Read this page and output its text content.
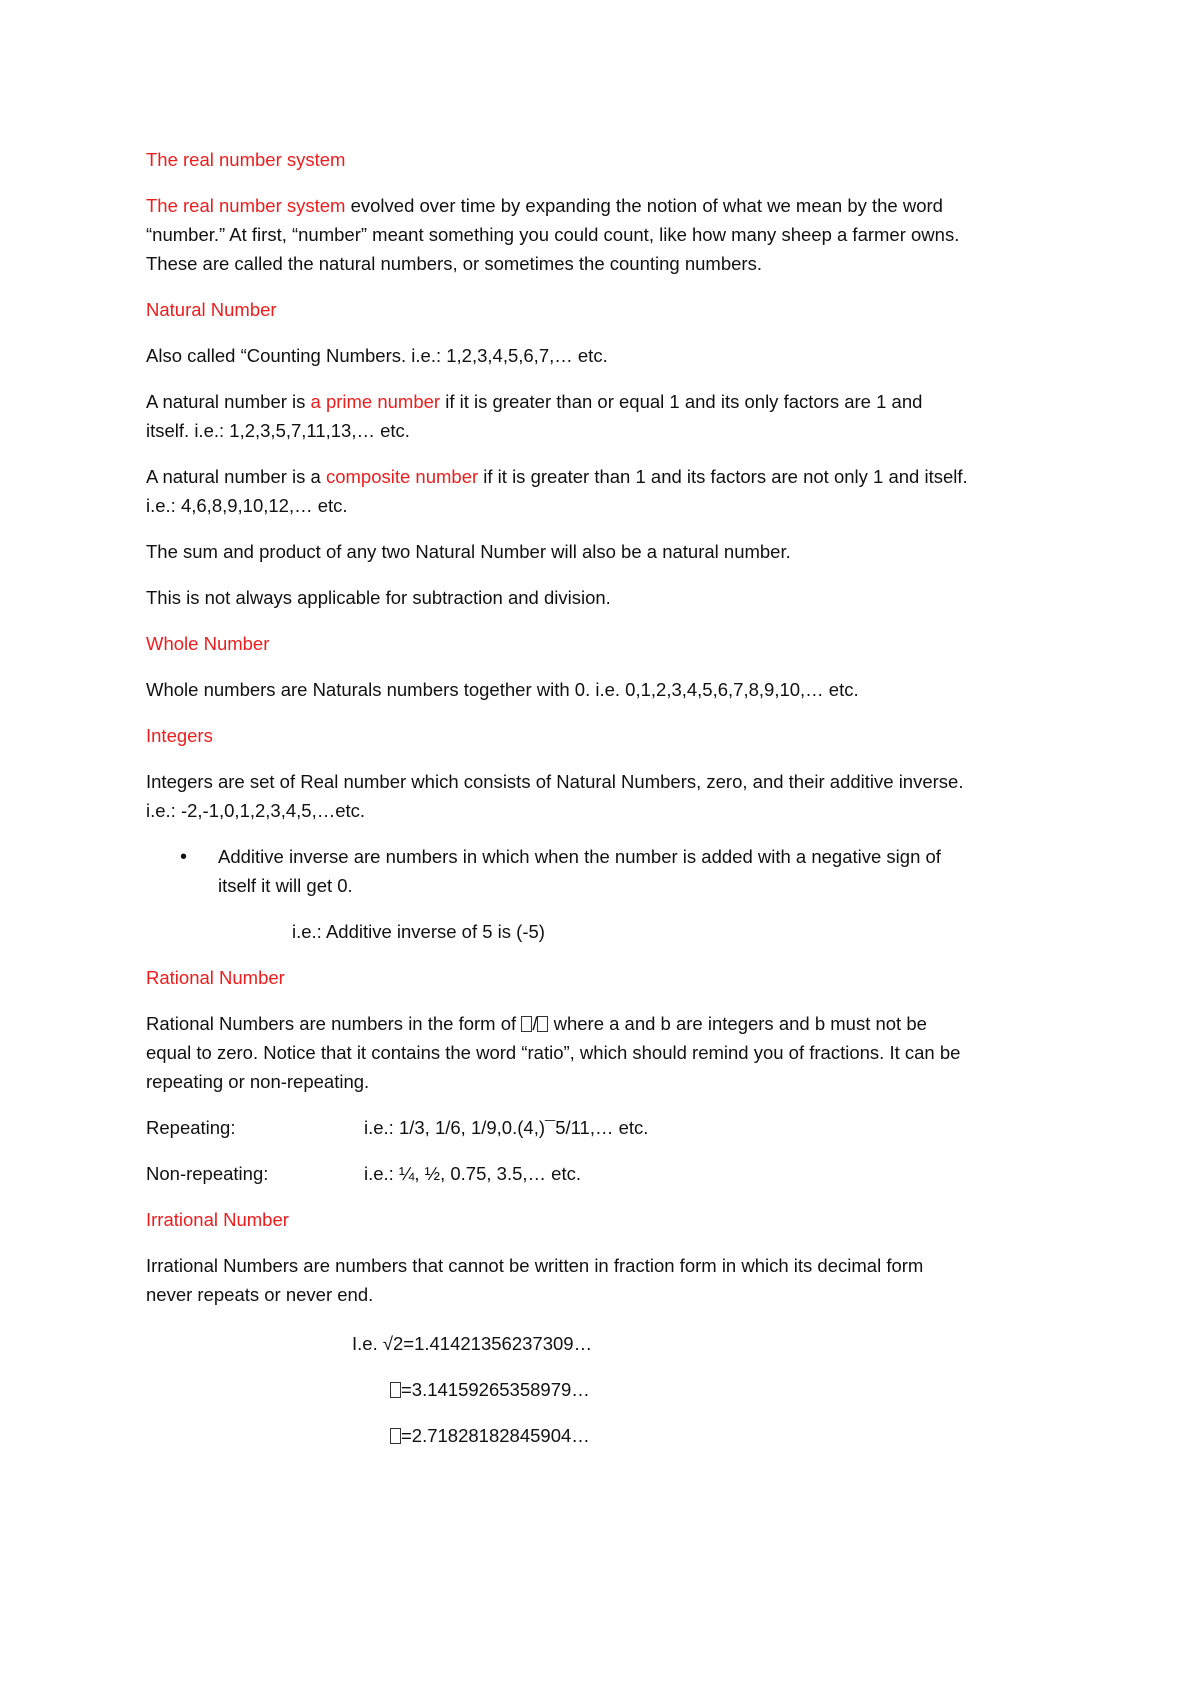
The real number system

The real number system evolved over time by expanding the notion of what we mean by the word

“number.” At first, “number” meant something you could count, like how many sheep a farmer owns.

These are called the natural numbers, or sometimes the counting numbers.

Natural Number

Also called “Counting Numbers. i.e.: 1,2,3,4,5,6,7,… etc.

A natural number is a prime number if it is greater than or equal 1 and its only factors are 1 and

itself. i.e.: 1,2,3,5,7,11,13,… etc.

A natural number is a composite number if it is greater than 1 and its factors are not only 1 and itself.

i.e.: 4,6,8,9,10,12,… etc.

The sum and product of any two Natural Number will also be a natural number.

This is not always applicable for subtraction and division.

Whole Number

Whole numbers are Naturals numbers together with 0. i.e. 0,1,2,3,4,5,6,7,8,9,10,… etc.

Integers

Integers are set of Real number which consists of Natural Numbers, zero, and their additive inverse.

i.e.: -2,-1,0,1,2,3,4,5,…etc.

• Additive inverse are numbers in which when the number is added with a negative sign of

itself it will get 0.

i.e.: Additive inverse of 5 is (-5)

Rational Number

Rational Numbers are numbers in the form of / where a and b are integers and b must not be

equal to zero. Notice that it contains the word “ratio”, which should remind you of fractions. It can be

repeating or non-repeating.

Repeating:	i.e.: 1/3, 1/6, 1/9,0.(4,)¯5/11,… etc.

Non-repeating:	i.e.: ¼, ½, 0.75, 3.5,… etc.

Irrational Number

Irrational Numbers are numbers that cannot be written in fraction form in which its decimal form

never repeats or never end.

I.e. √2=1.41421356237309…

=3.14159265358979…

=2.71828182845904…
